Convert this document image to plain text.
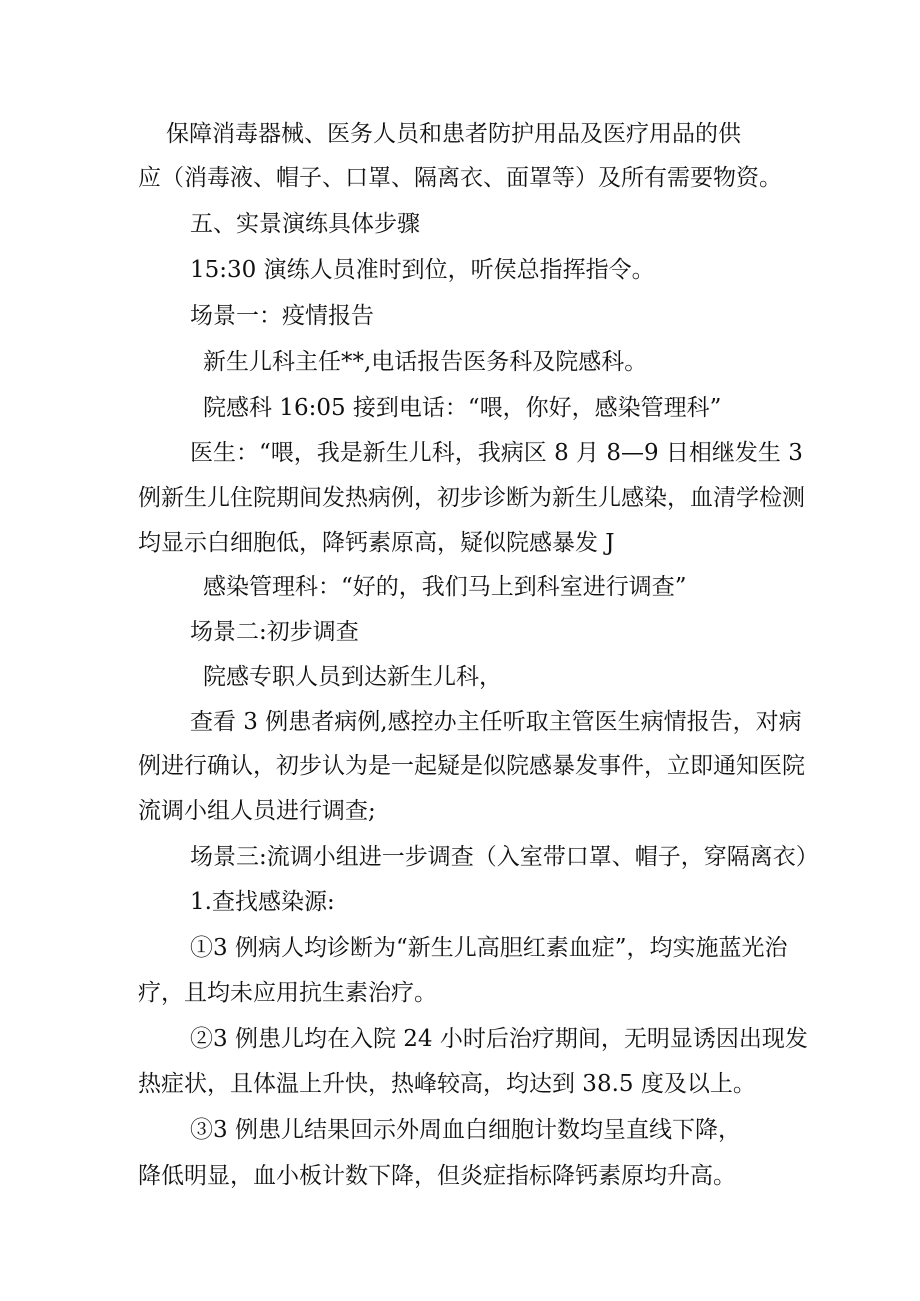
保障消毒器械、医务人员和患者防护用品及医疗用品的供
应（消毒液、帽子、口罩、隔离衣、面罩等）及所有需要物资。
五、实景演练具体步骤
15:30 演练人员准时到位，听侯总指挥指令。
场景一：疫情报告
新生儿科主任**,电话报告医务科及院感科。
院感科 16:05 接到电话：“喂，你好，感染管理科”
医生：“喂，我是新生儿科，我病区 8 月 8—9 日相继发生 3
例新生儿住院期间发热病例，初步诊断为新生儿感染，血清学检测
均显示白细胞低，降钙素原高，疑似院感暴发 J
感染管理科：“好的，我们马上到科室进行调查”
场景二:初步调查
院感专职人员到达新生儿科，
查看 3 例患者病例,感控办主任听取主管医生病情报告，对病
例进行确认，初步认为是一起疑是似院感暴发事件，立即通知医院
流调小组人员进行调查;
场景三:流调小组进一步调查（入室带口罩、帽子，穿隔离衣）
1.查找感染源:
①3 例病人均诊断为“新生儿高胆红素血症”，均实施蓝光治
疗，且均未应用抗生素治疗。
②3 例患儿均在入院 24 小时后治疗期间，无明显诱因出现发
热症状，且体温上升快，热峰较高，均达到 38.5 度及以上。
③3 例患儿结果回示外周血白细胞计数均呈直线下降，
降低明显，血小板计数下降，但炎症指标降钙素原均升高。
